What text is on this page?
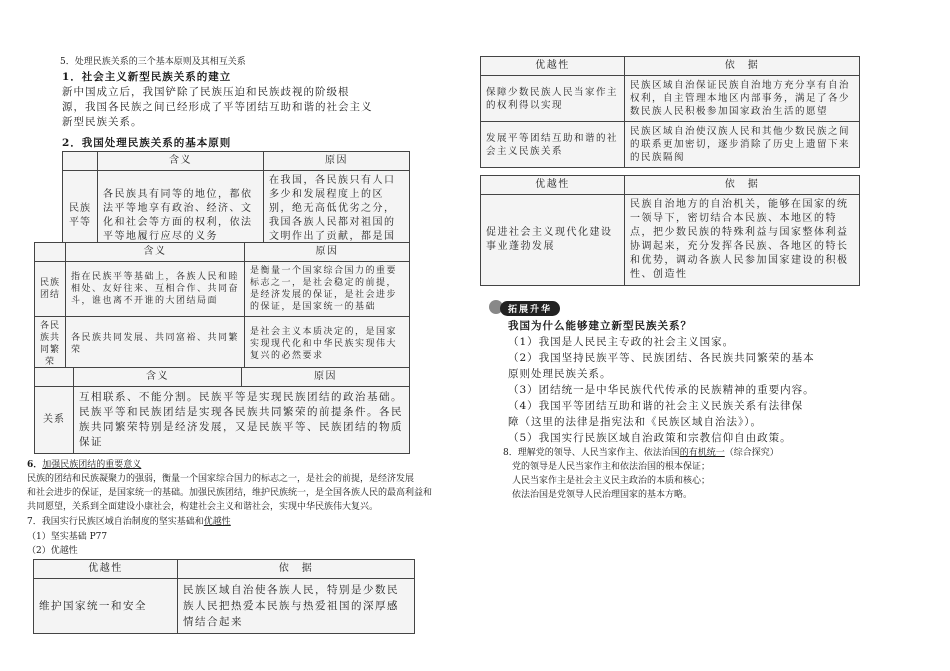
5．处理民族关系的三个基本原则及其相互关系
1．社会主义新型民族关系的建立
新中国成立后，我国铲除了民族压迫和民族歧视的阶级根
源，我国各民族之间已经形成了平等团结互助和谐的社会主义
新型民族关系。
2．我国处理民族关系的基本原则
	含义	原因
民族平等	各民族具有同等的地位，都依法平等地享有政治、经济、文化和社会等方面的权利，依法平等地履行应尽的义务	在我国，各民族只有人口多少和发展程度上的区别，绝无高低优劣之分，我国各族人民都对祖国的文明作出了贡献，都是国
	含义	原因
民族团结	指在民族平等基础上，各族人民和睦相处、友好往来、互相合作、共同奋斗，谁也离不开谁的大团结局面	是衡量一个国家综合国力的重要标志之一，是社会稳定的前提，是经济发展的保证，是社会进步的保证，是国家统一的基础
各民族共同繁荣	各民族共同发展、共同富裕、共同繁荣	是社会主义本质决定的，是国家实现现代化和中华民族实现伟大复兴的必然要求
	含义	原因
关系	互相联系、不能分割。民族平等是实现民族团结的政治基础。民族平等和民族团结是实现各民族共同繁荣的前提条件。各民族共同繁荣特别是经济发展，又是民族平等、民族团结的物质保证	
6．加强民族团结的重要意义
民族的团结和民族凝聚力的强弱，衡量一个国家综合国力的标志之一，是社会的前提，是经济发展
和社会进步的保证，是国家统一的基础。加强民族团结，维护民族统一，是全国各族人民的最高利益和
共同愿望，关系到全面建设小康社会，构建社会主义和谐社会，实现中华民族伟大复兴。
7．我国实行民族区域自治制度的坚实基础和优越性
（1）坚实基础 P77
（2）优越性
优越性	依　据
维护国家统一和安全	民族区域自治使各族人民，特别是少数民族人民把热爱本民族与热爱祖国的深厚感情结合起来
优越性	依　据
保障少数民族人民当家作主的权利得以实现	民族区域自治保证民族自治地方充分享有自治权利，自主管理本地区内部事务，满足了各少数民族人民积极参加国家政治生活的愿望
发展平等团结互助和谐的社会主义民族关系	民族区域自治使汉族人民和其他少数民族之间的联系更加密切，逐步消除了历史上遗留下来的民族隔阂
优越性	依　据
促进社会主义现代化建设事业蓬勃发展	民族自治地方的自治机关，能够在国家的统一领导下，密切结合本民族、本地区的特点，把少数民族的特殊利益与国家整体利益协调起来，充分发挥各民族、各地区的特长和优势，调动各族人民参加国家建设的积极性、创造性
拓展升华
我国为什么能够建立新型民族关系？
（1）我国是人民民主专政的社会主义国家。
（2）我国坚持民族平等、民族团结、各民族共同繁荣的基本
原则处理民族关系。
（3）团结统一是中华民族代代传承的民族精神的重要内容。
（4）我国平等团结互助和谐的社会主义民族关系有法律保
障（这里的法律是指宪法和《民族区域自治法》）。
（5）我国实行民族区域自治政策和宗教信仰自由政策。
8．理解党的领导、人民当家作主、依法治国的有机统一（综合探究）
党的领导是人民当家作主和依法治国的根本保证；
人民当家作主是社会主义民主政治的本质和核心；
依法治国是党领导人民治理国家的基本方略。
